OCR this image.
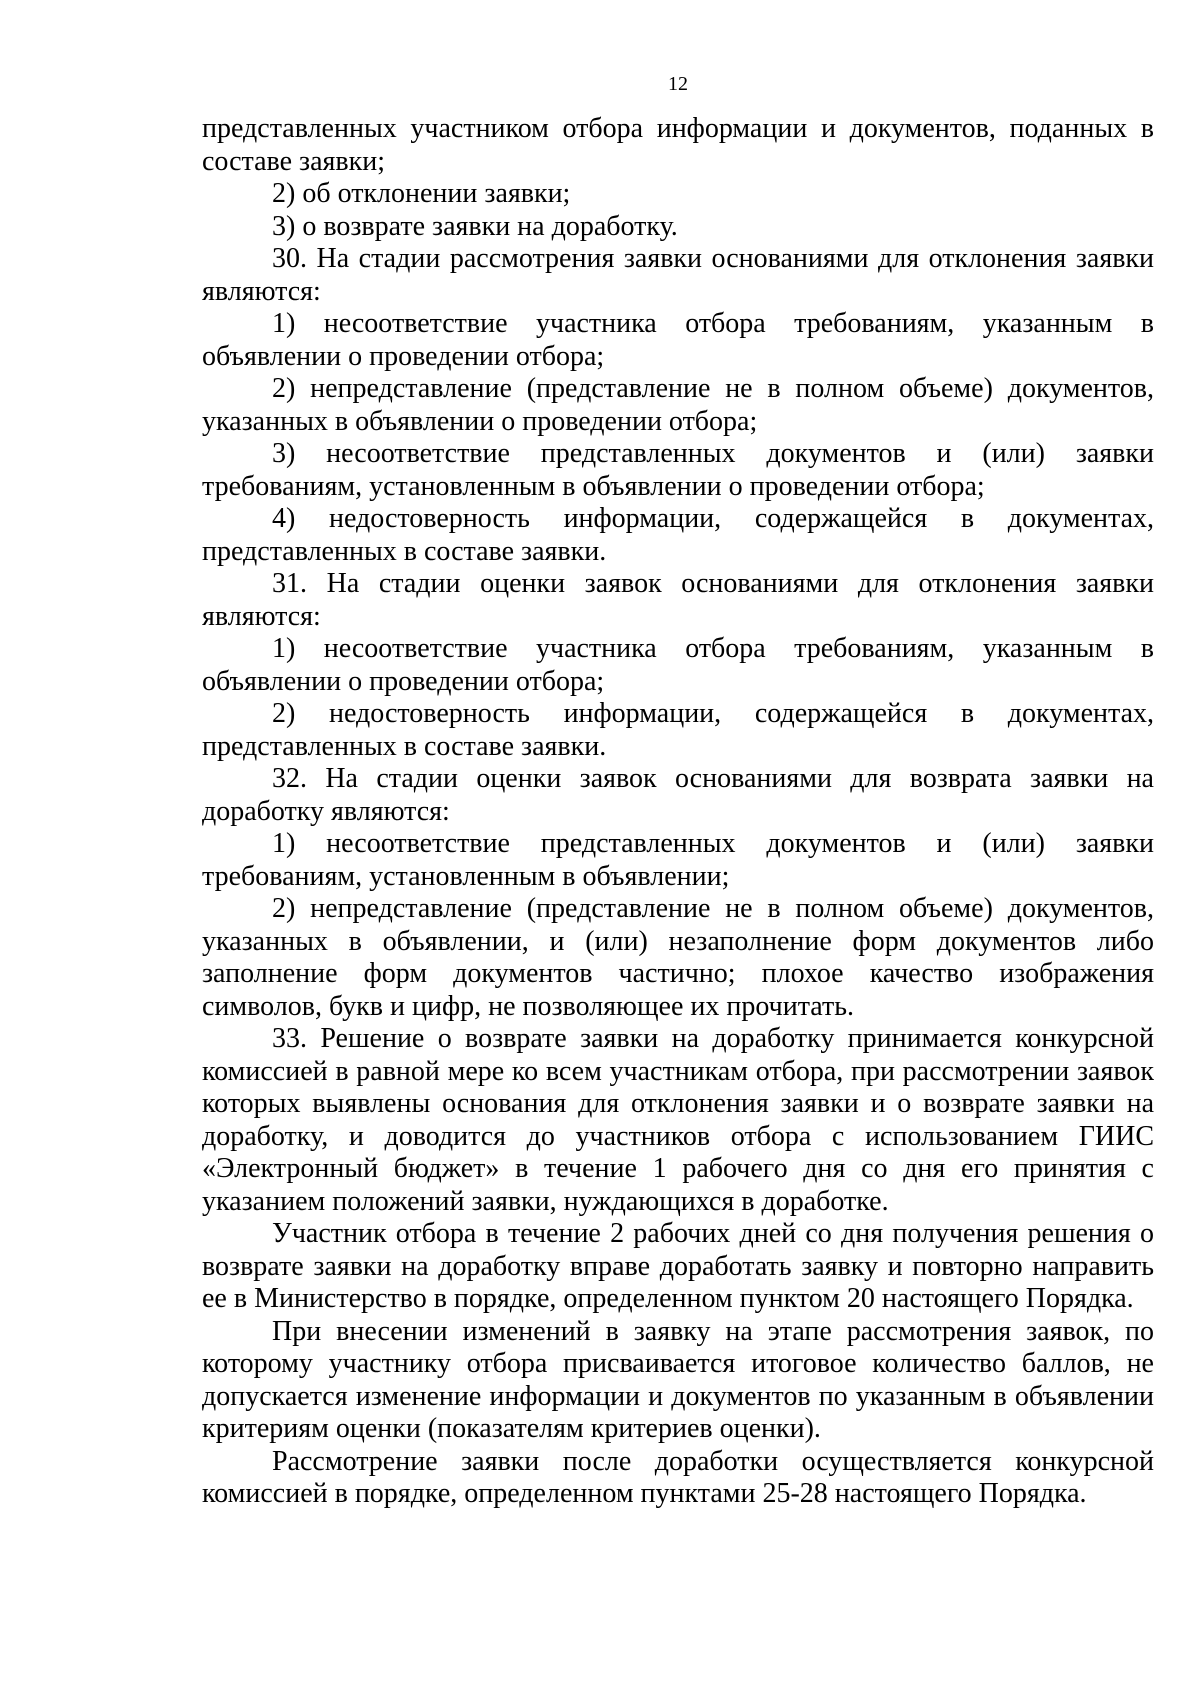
12

представленных участником отбора информации и документов, поданных в составе заявки;

2) об отклонении заявки;

3) о возврате заявки на доработку.

30. На стадии рассмотрения заявки основаниями для отклонения заявки являются:

1) несоответствие участника отбора требованиям, указанным в объявлении о проведении отбора;

2) непредставление (представление не в полном объеме) документов, указанных в объявлении о проведении отбора;

3) несоответствие представленных документов и (или) заявки требованиям, установленным в объявлении о проведении отбора;

4) недостоверность информации, содержащейся в документах, представленных в составе заявки.

31. На стадии оценки заявок основаниями для отклонения заявки являются:

1) несоответствие участника отбора требованиям, указанным в объявлении о проведении отбора;

2) недостоверность информации, содержащейся в документах, представленных в составе заявки.

32. На стадии оценки заявок основаниями для возврата заявки на доработку являются:

1) несоответствие представленных документов и (или) заявки требованиям, установленным в объявлении;

2) непредставление (представление не в полном объеме) документов, указанных в объявлении, и (или) незаполнение форм документов либо заполнение форм документов частично; плохое качество изображения символов, букв и цифр, не позволяющее их прочитать.

33. Решение о возврате заявки на доработку принимается конкурсной комиссией в равной мере ко всем участникам отбора, при рассмотрении заявок которых выявлены основания для отклонения заявки и о возврате заявки на доработку, и доводится до участников отбора с использованием ГИИС «Электронный бюджет» в течение 1 рабочего дня со дня его принятия с указанием положений заявки, нуждающихся в доработке.

Участник отбора в течение 2 рабочих дней со дня получения решения о возврате заявки на доработку вправе доработать заявку и повторно направить ее в Министерство в порядке, определенном пунктом 20 настоящего Порядка.

При внесении изменений в заявку на этапе рассмотрения заявок, по которому участнику отбора присваивается итоговое количество баллов, не допускается изменение информации и документов по указанным в объявлении критериям оценки (показателям критериев оценки).

Рассмотрение заявки после доработки осуществляется конкурсной комиссией в порядке, определенном пунктами 25-28 настоящего Порядка.
